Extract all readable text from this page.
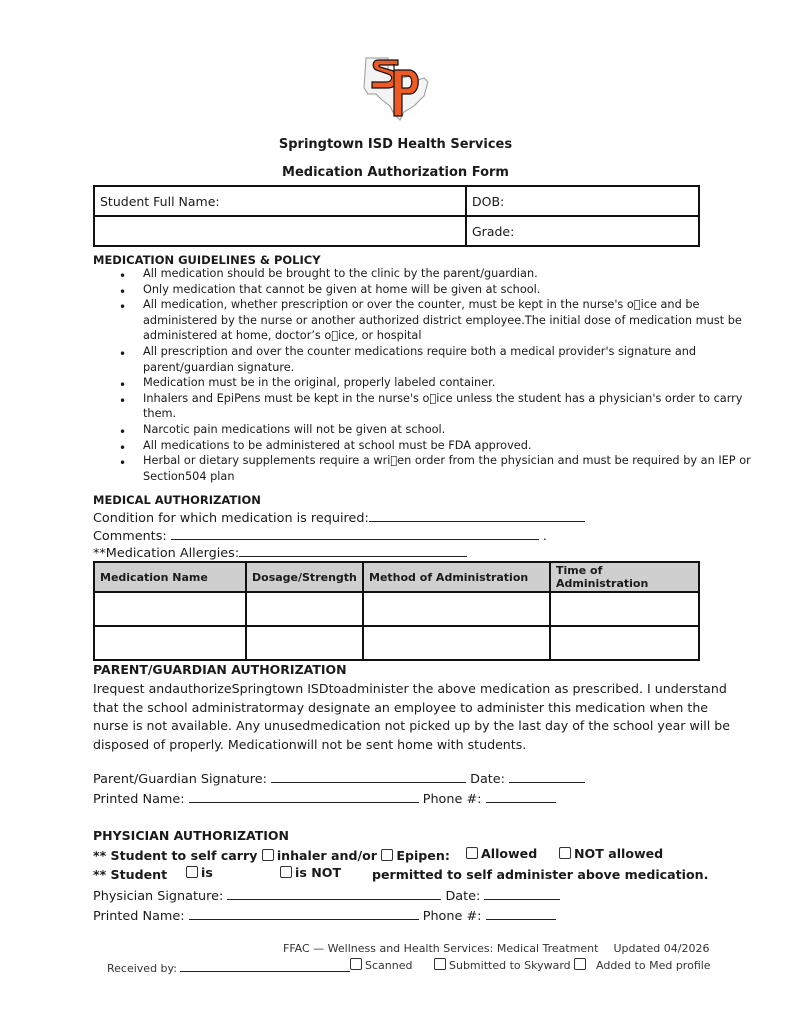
Springtown ISD Health Services
Medication Authorization Form
Student Full Name:	DOB:
	Grade:
MEDICATION GUIDELINES & POLICY
• All medication should be brought to the clinic by the parent/guardian.
• Only medication that cannot be given at home will be given at school.
• All medication, whether prescription or over the counter, must be kept in the nurse's o ice and be administered by the nurse or another authorized district employee.The initial dose of medication must be administered at home, doctor’s o ice, or hospital
• All prescription and over the counter medications require both a medical provider's signature and parent/guardian signature.
• Medication must be in the original, properly labeled container.
• Inhalers and EpiPens must be kept in the nurse's o ice unless the student has a physician's order to carry them.
• Narcotic pain medications will not be given at school.
• All medications to be administered at school must be FDA approved.
• Herbal or dietary supplements require a wri en order from the physician and must be required by an IEP or Section504 plan
MEDICAL AUTHORIZATION
Condition for which medication is required:
Comments:	.
**Medication Allergies:
Medication Name	Dosage/Strength	Method of Administration	Time of Administration

PARENT/GUARDIAN AUTHORIZATION
Irequest andauthorizeSpringtown ISDtoadminister the above medication as prescribed. I understand that the school administratormay designate an employee to administer this medication when the nurse is not available. Any unusedmedication not picked up by the last day of the school year will be disposed of properly. Medicationwill not be sent home with students.
Parent/Guardian Signature:	Date:
Printed Name:	Phone #:
PHYSICIAN AUTHORIZATION
** Student to self carry inhaler and/or Epipen:	Allowed	NOT allowed
** Student	is	is NOT permitted to self administer above medication.
Physician Signature:	Date:
Printed Name:	Phone #:
FFAC — Wellness and Health Services: Medical Treatment Updated 04/2026
Received by:	Scanned	Submitted to Skyward	Added to Med profile
